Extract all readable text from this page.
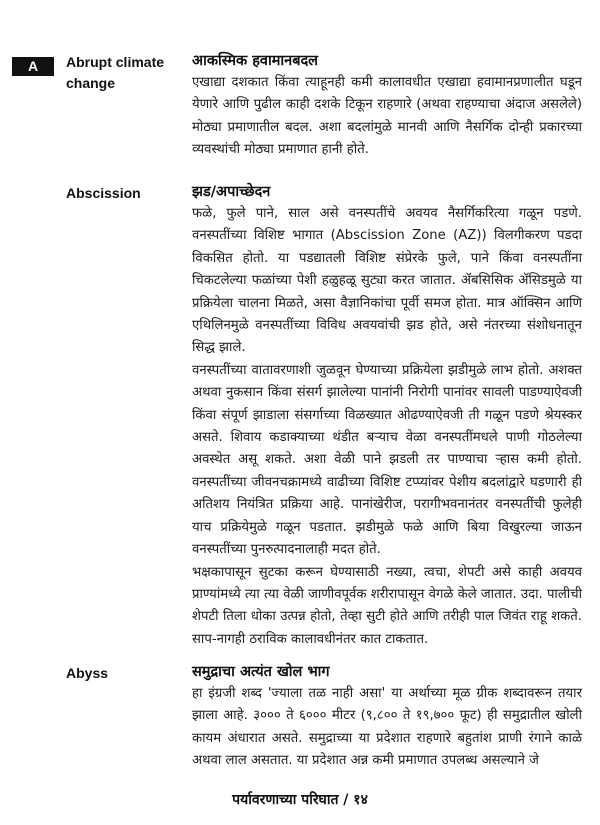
A	Abrupt climate change

आकस्मिक हवामानबदल

एखाद्या दशकात किंवा त्याहूनही कमी कालावधीत एखाद्या हवामानप्रणालीत घडून येणारे आणि पुढील काही दशके टिकून राहणारे (अथवा राहण्याचा अंदाज असलेले) मोठ्या प्रमाणातील बदल. अशा बदलांमुळे मानवी आणि नैसर्गिक दोन्ही प्रकारच्या व्यवस्थांची मोठ्या प्रमाणात हानी होते.

Abscission	झड/अपाच्छेदन

फळे, फुले पाने, साल असे वनस्पतींचे अवयव नैसर्गिकरित्या गळून पडणे. वनस्पतींच्या विशिष्ट भागात (Abscission Zone (AZ)) विलगीकरण पडदा विकसित होतो. या पडद्यातली विशिष्ट संप्रेरके फुले, पाने किंवा वनस्पतींना चिकटलेल्या फळांच्या पेशी हळुहळू सुट्या करत जातात. ॲबसिसिक ॲसिडमुळे या प्रक्रियेला चालना मिळते, असा वैज्ञानिकांचा पूर्वी समज होता. मात्र ऑक्सिन आणि एथिलिनमुळे वनस्पतींच्या विविध अवयवांची झड होते, असे नंतरच्या संशोधनातून सिद्ध झाले.

वनस्पतींच्या वातावरणाशी जुळवून घेण्याच्या प्रक्रियेला झडीमुळे लाभ होतो. अशक्त अथवा नुकसान किंवा संसर्ग झालेल्या पानांनी निरोगी पानांवर सावली पाडण्याऐवजी किंवा संपूर्ण झाडाला संसर्गाच्या विळख्यात ओढण्याऐवजी ती गळून पडणे श्रेयस्कर असते. शिवाय कडाक्याच्या थंडीत बऱ्याच वेळा वनस्पतींमधले पाणी गोठलेल्या अवस्थेत असू शकते. अशा वेळी पाने झडली तर पाण्याचा ऱ्हास कमी होतो. वनस्पतींच्या जीवनचक्रामध्ये वाढीच्या विशिष्ट टप्प्यांवर पेशीय बदलांद्वारे घडणारी ही अतिशय नियंत्रित प्रक्रिया आहे. पानांखेरीज, परागीभवनानंतर वनस्पतींची फुलेही याच प्रक्रियेमुळे गळून पडतात. झडीमुळे फळे आणि बिया विखुरल्या जाऊन वनस्पतींच्या पुनरुत्पादनालाही मदत होते.

भक्षकापासून सुटका करून घेण्यासाठी नख्या, त्वचा, शेपटी असे काही अवयव प्राण्यांमध्ये त्या त्या वेळी जाणीवपूर्वक शरीरापासून वेगळे केले जातात. उदा. पालीची शेपटी तिला धोका उत्पन्न होतो, तेव्हा सुटी होते आणि तरीही पाल जिवंत राहू शकते. साप-नागही ठराविक कालावधीनंतर कात टाकतात.

Abyss	समुद्राचा अत्यंत खोल भाग

हा इंग्रजी शब्द 'ज्याला तळ नाही असा' या अर्थाच्या मूळ ग्रीक शब्दावरून तयार झाला आहे. ३००० ते ६००० मीटर (९,८०० ते १९,७०० फूट) ही समुद्रातील खोली कायम अंधारात असते. समुद्राच्या या प्रदेशात राहणारे बहुतांश प्राणी रंगाने काळे अथवा लाल असतात. या प्रदेशात अन्न कमी प्रमाणात उपलब्ध असल्याने जे

पर्यावरणाच्या परिघात / १४
